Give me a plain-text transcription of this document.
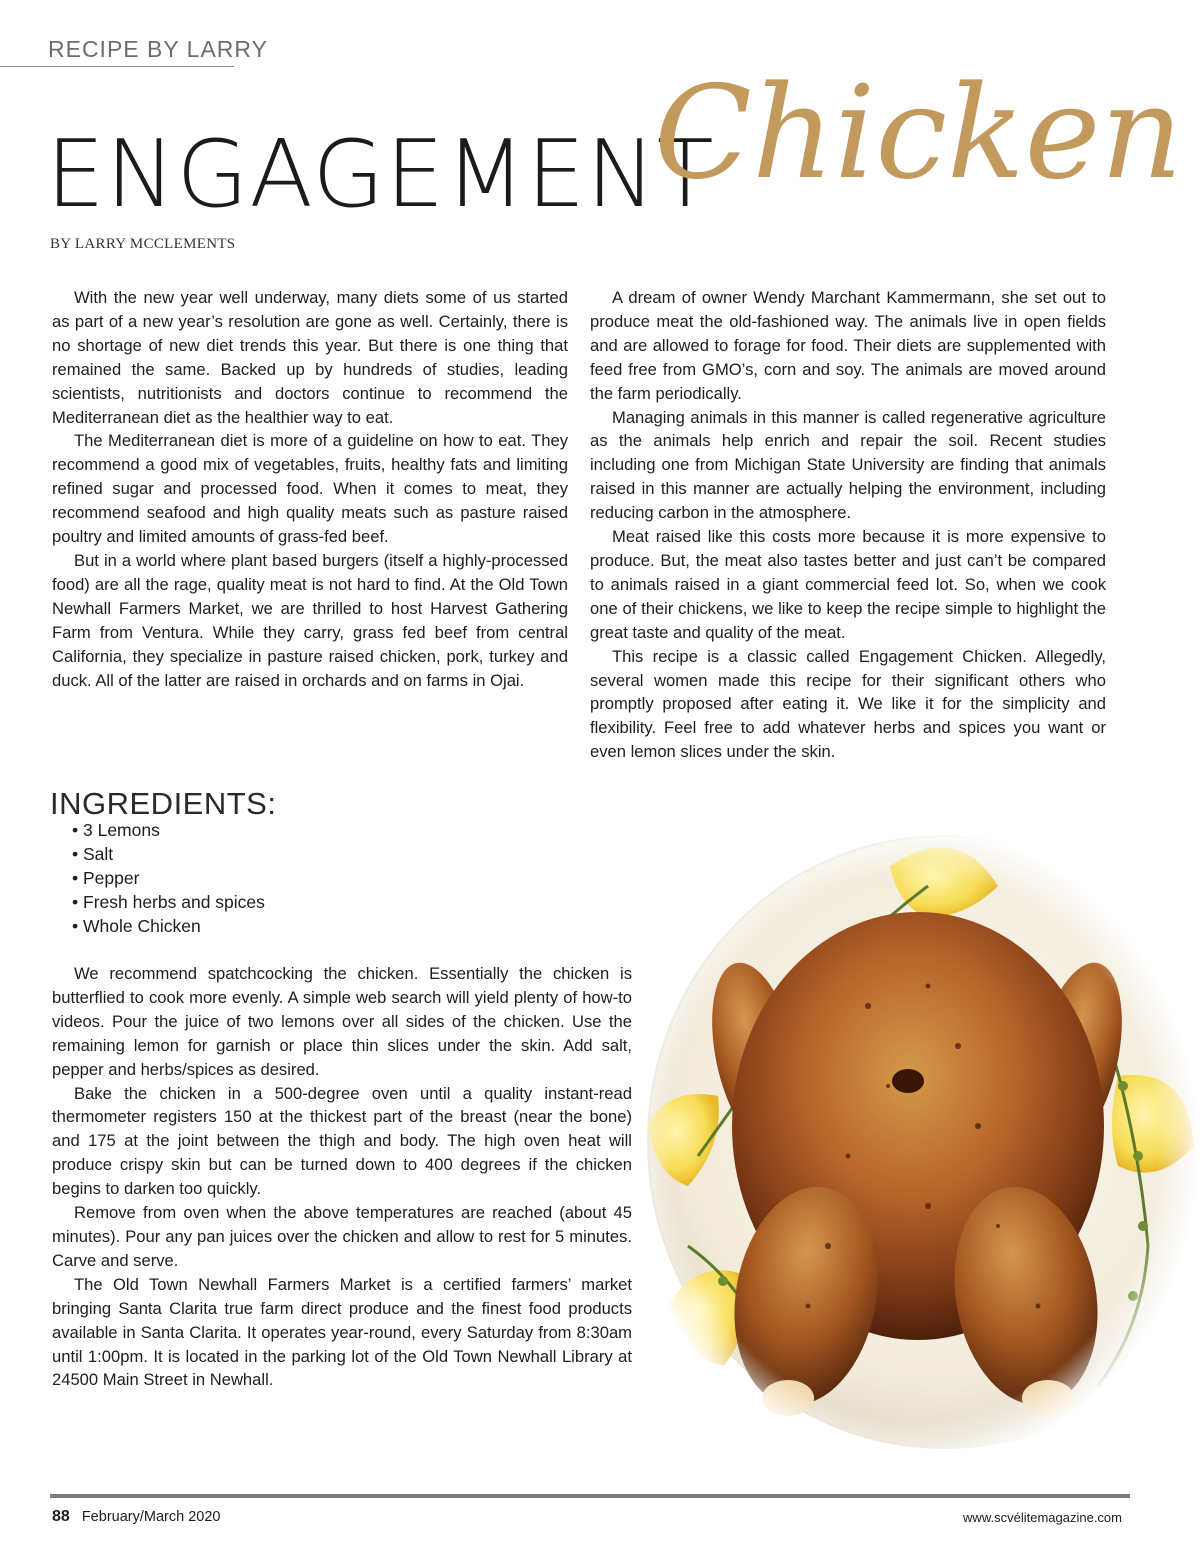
RECIPE BY LARRY
ENGAGEMENT
Chicken
BY LARRY MCCLEMENTS

With the new year well underway, many diets some of us started as part of a new year’s resolution are gone as well. Certainly, there is no shortage of new diet trends this year. But there is one thing that remained the same. Backed up by hundreds of studies, leading scientists, nutritionists and doctors continue to recommend the Mediterranean diet as the healthier way to eat.

The Mediterranean diet is more of a guideline on how to eat. They recommend a good mix of vegetables, fruits, healthy fats and limiting refined sugar and processed food. When it comes to meat, they recommend seafood and high quality meats such as pasture raised poultry and limited amounts of grass-fed beef.

But in a world where plant based burgers (itself a highly-processed food) are all the rage, quality meat is not hard to find. At the Old Town Newhall Farmers Market, we are thrilled to host Harvest Gathering Farm from Ventura. While they carry, grass fed beef from central California, they specialize in pasture raised chicken, pork, turkey and duck. All of the latter are raised in orchards and on farms in Ojai.

A dream of owner Wendy Marchant Kammermann, she set out to produce meat the old-fashioned way. The animals live in open fields and are allowed to forage for food. Their diets are supplemented with feed free from GMO’s, corn and soy. The animals are moved around the farm periodically.

Managing animals in this manner is called regenerative agriculture as the animals help enrich and repair the soil. Recent studies including one from Michigan State University are finding that animals raised in this manner are actually helping the environment, including reducing carbon in the atmosphere.

Meat raised like this costs more because it is more expensive to produce. But, the meat also tastes better and just can’t be compared to animals raised in a giant commercial feed lot. So, when we cook one of their chickens, we like to keep the recipe simple to highlight the great taste and quality of the meat.

This recipe is a classic called Engagement Chicken. Allegedly, several women made this recipe for their significant others who promptly proposed after eating it. We like it for the simplicity and flexibility. Feel free to add whatever herbs and spices you want or even lemon slices under the skin.

INGREDIENTS:
• 3 Lemons
• Salt
• Pepper
• Fresh herbs and spices
• Whole Chicken

We recommend spatchcocking the chicken. Essentially the chicken is butterflied to cook more evenly. A simple web search will yield plenty of how-to videos. Pour the juice of two lemons over all sides of the chicken. Use the remaining lemon for garnish or place thin slices under the skin. Add salt, pepper and herbs/spices as desired.

Bake the chicken in a 500-degree oven until a quality instant-read thermometer registers 150 at the thickest part of the breast (near the bone) and 175 at the joint between the thigh and body. The high oven heat will produce crispy skin but can be turned down to 400 degrees if the chicken begins to darken too quickly.

Remove from oven when the above temperatures are reached (about 45 minutes). Pour any pan juices over the chicken and allow to rest for 5 minutes. Carve and serve.

The Old Town Newhall Farmers Market is a certified farmers’ market bringing Santa Clarita true farm direct produce and the finest food products available in Santa Clarita. It operates year-round, every Saturday from 8:30am until 1:00pm. It is located in the parking lot of the Old Town Newhall Library at 24500 Main Street in Newhall.

88 February/March 2020	www.scvélitemagazine.com
